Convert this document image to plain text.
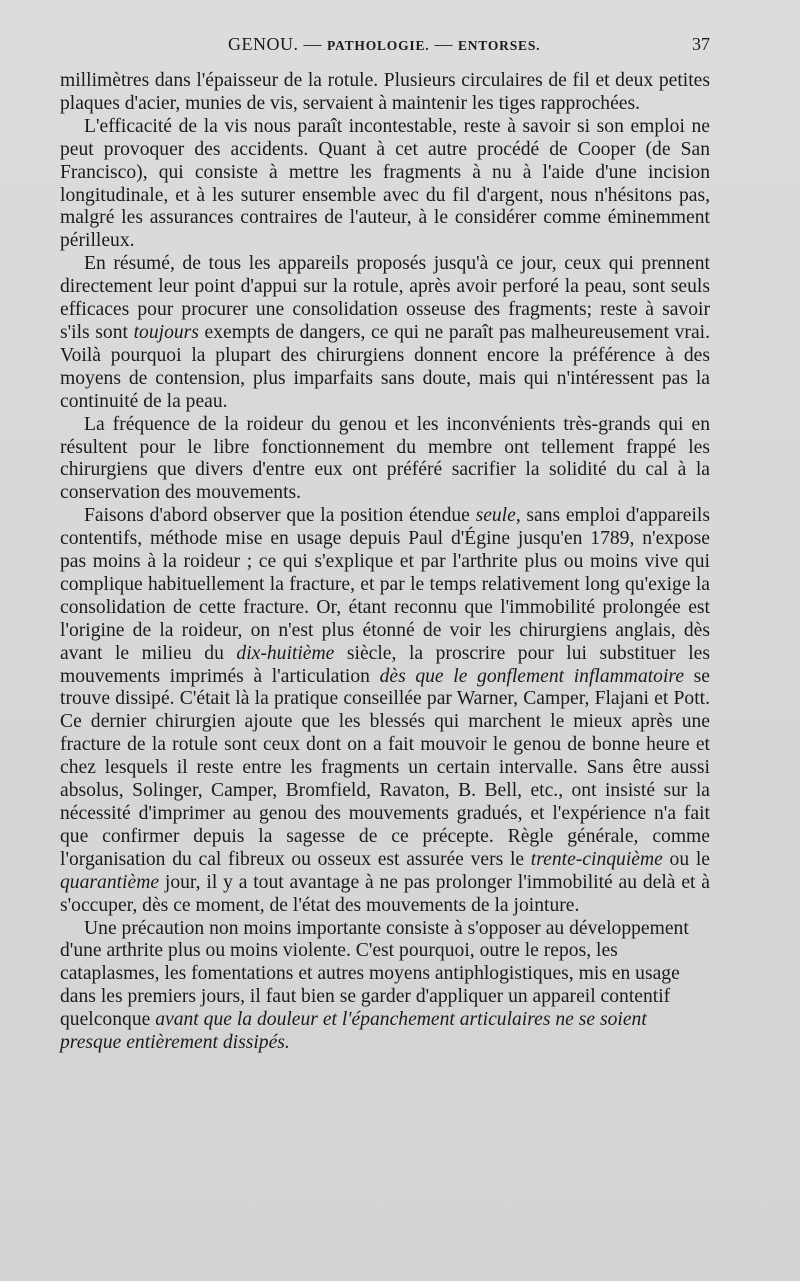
GENOU. — PATHOLOGIE. — ENTORSES.	37

millimètres dans l'épaisseur de la rotule. Plusieurs circulaires de fil et deux petites plaques d'acier, munies de vis, servaient à maintenir les tiges rapprochées.

L'efficacité de la vis nous paraît incontestable, reste à savoir si son emploi ne peut provoquer des accidents. Quant à cet autre procédé de Cooper (de San Francisco), qui consiste à mettre les fragments à nu à l'aide d'une incision longitudinale, et à les suturer ensemble avec du fil d'argent, nous n'hésitons pas, malgré les assurances contraires de l'auteur, à le considérer comme éminemment périlleux.

En résumé, de tous les appareils proposés jusqu'à ce jour, ceux qui prennent directement leur point d'appui sur la rotule, après avoir perforé la peau, sont seuls efficaces pour procurer une consolidation osseuse des fragments; reste à savoir s'ils sont toujours exempts de dangers, ce qui ne paraît pas malheureusement vrai. Voilà pourquoi la plupart des chirurgiens donnent encore la préférence à des moyens de contension, plus imparfaits sans doute, mais qui n'intéressent pas la continuité de la peau.

La fréquence de la roideur du genou et les inconvénients très-grands qui en résultent pour le libre fonctionnement du membre ont tellement frappé les chirurgiens que divers d'entre eux ont préféré sacrifier la solidité du cal à la conservation des mouvements.

Faisons d'abord observer que la position étendue seule, sans emploi d'appareils contentifs, méthode mise en usage depuis Paul d'Égine jusqu'en 1789, n'expose pas moins à la roideur ; ce qui s'explique et par l'arthrite plus ou moins vive qui complique habituellement la fracture, et par le temps relativement long qu'exige la consolidation de cette fracture. Or, étant reconnu que l'immobilité prolongée est l'origine de la roideur, on n'est plus étonné de voir les chirurgiens anglais, dès avant le milieu du dix-huitième siècle, la proscrire pour lui substituer les mouvements imprimés à l'articulation dès que le gonflement inflammatoire se trouve dissipé. C'était là la pratique conseillée par Warner, Camper, Flajani et Pott. Ce dernier chirurgien ajoute que les blessés qui marchent le mieux après une fracture de la rotule sont ceux dont on a fait mouvoir le genou de bonne heure et chez lesquels il reste entre les fragments un certain intervalle. Sans être aussi absolus, Solinger, Camper, Bromfield, Ravaton, B. Bell, etc., ont insisté sur la nécessité d'imprimer au genou des mouvements gradués, et l'expérience n'a fait que confirmer depuis la sagesse de ce précepte. Règle générale, comme l'organisation du cal fibreux ou osseux est assurée vers le trente-cinquième ou le quarantième jour, il y a tout avantage à ne pas prolonger l'immobilité au delà et à s'occuper, dès ce moment, de l'état des mouvements de la jointure.

Une précaution non moins importante consiste à s'opposer au développement d'une arthrite plus ou moins violente. C'est pourquoi, outre le repos, les cataplasmes, les fomentations et autres moyens antiphlogistiques, mis en usage dans les premiers jours, il faut bien se garder d'appliquer un appareil contentif quelconque avant que la douleur et l'épanchement articulaires ne se soient presque entièrement dissipés.
